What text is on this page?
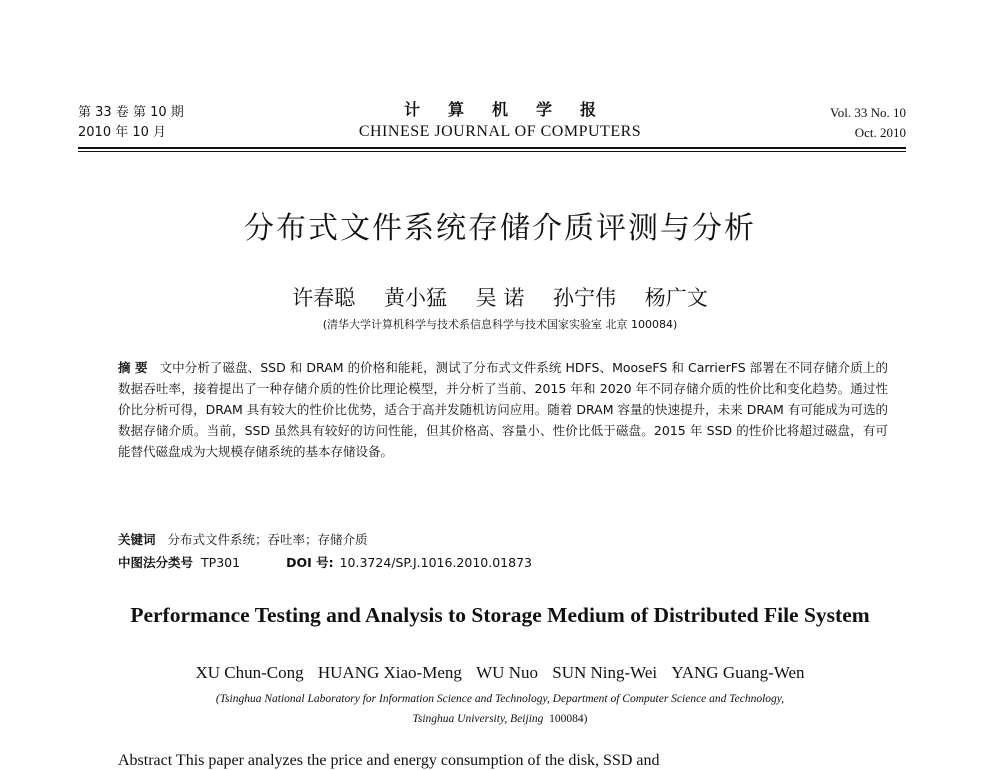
第 33 卷 第 10 期
2010 年 10 月
计算机学报
CHINESE JOURNAL OF COMPUTERS
Vol. 33 No. 10
Oct. 2010
分布式文件系统存储介质评测与分析
许春聪 黄小猛 吴 诺 孙宁伟 杨广文
(清华大学计算机科学与技术系信息科学与技术国家实验室 北京 100084)
摘 要 文中分析了磁盘、SSD 和 DRAM 的价格和能耗，测试了分布式文件系统 HDFS、MooseFS 和 CarrierFS 部署在不同存储介质上的数据吞吐率，接着提出了一种存储介质的性价比理论模型，并分析了当前、2015 年和 2020 年不同存储介质的性价比和变化趋势。通过性价比分析可得，DRAM 具有较大的性价比优势，适合于高并发随机访问应用。随着 DRAM 容量的快速提升，未来 DRAM 有可能成为可选的数据存储介质。当前，SSD 虽然具有较好的访问性能，但其价格高、容量小、性价比低于磁盘。2015 年 SSD 的性价比将超过磁盘，有可能替代磁盘成为大规模存储系统的基本存储设备。
关键词 分布式文件系统；吞吐率；存储介质
中图法分类号 TP301	DOI 号: 10.3724/SP.J.1016.2010.01873
Performance Testing and Analysis to Storage Medium of Distributed File System
XU Chun-Cong HUANG Xiao-Meng WU Nuo SUN Ning-Wei YANG Guang-Wen
(Tsinghua National Laboratory for Information Science and Technology, Department of Computer Science and Technology,
Tsinghua University, Beijing 100084)
Abstract This paper analyzes the price and energy consumption of the disk, SSD and
